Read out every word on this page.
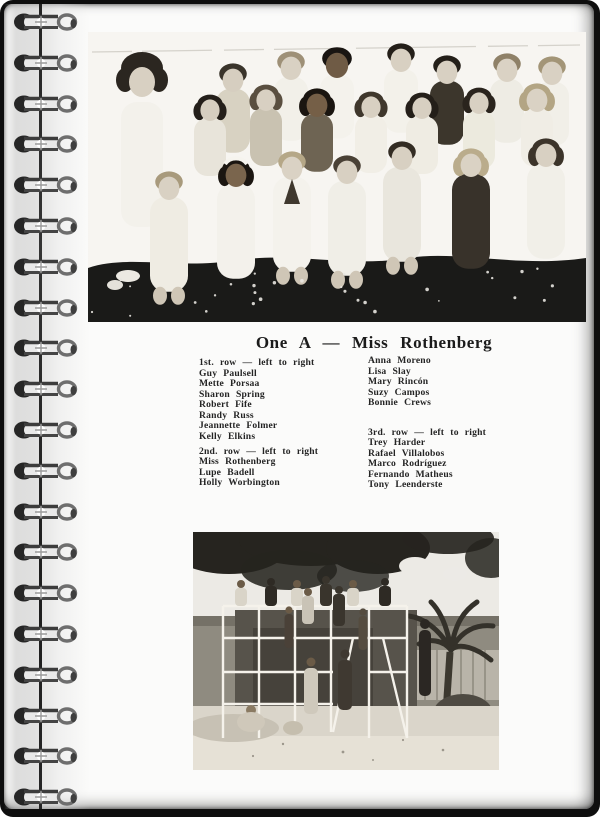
One A — Miss Rothenberg
1st. row — left to right
Guy Paulsell
Mette Porsaa
Sharon Spring
Robert Fife
Randy Russ
Jeannette Folmer
Kelly Elkins
2nd. row — left to right
Miss Rothenberg
Lupe Badell
Holly Worbington
Anna Moreno
Lisa Slay
Mary Rincón
Suzy Campos
Bonnie Crews
3rd. row — left to right
Trey Harder
Rafael Villalobos
Marco Rodríguez
Fernando Matheus
Tony Leenderste
